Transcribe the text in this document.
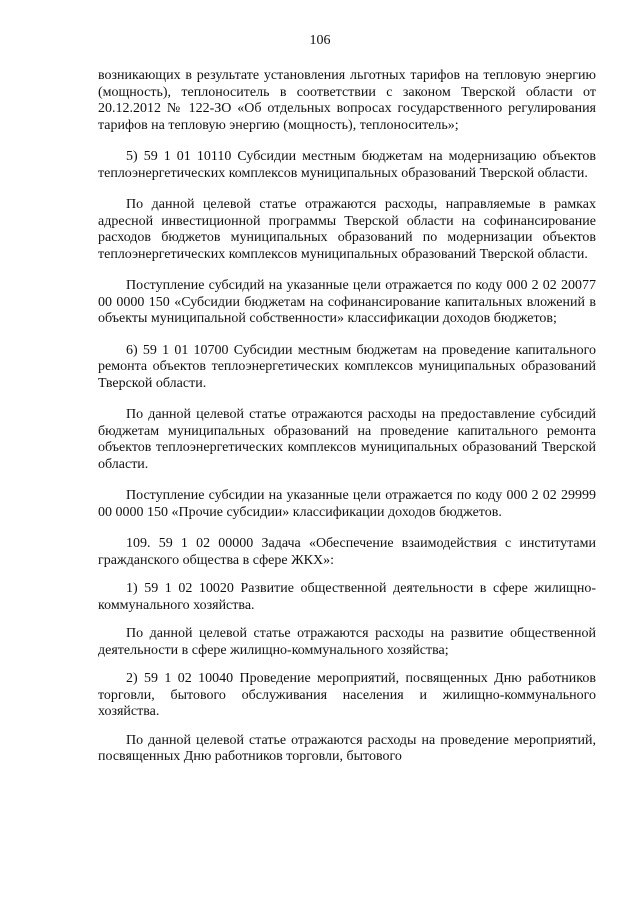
106

возникающих в результате установления льготных тарифов на тепловую энергию (мощность), теплоноситель в соответствии с законом Тверской области от 20.12.2012 № 122-ЗО «Об отдельных вопросах государственного регулирования тарифов на тепловую энергию (мощность), теплоноситель»;

5) 59 1 01 10110 Субсидии местным бюджетам на модернизацию объектов теплоэнергетических комплексов муниципальных образований Тверской области.

По данной целевой статье отражаются расходы, направляемые в рамках адресной инвестиционной программы Тверской области на софинансирование расходов бюджетов муниципальных образований по модернизации объектов теплоэнергетических комплексов муниципальных образований Тверской области.

Поступление субсидий на указанные цели отражается по коду 000 2 02 20077 00 0000 150 «Субсидии бюджетам на софинансирование капитальных вложений в объекты муниципальной собственности» классификации доходов бюджетов;

6) 59 1 01 10700 Субсидии местным бюджетам на проведение капитального ремонта объектов теплоэнергетических комплексов муниципальных образований Тверской области.

По данной целевой статье отражаются расходы на предоставление субсидий бюджетам муниципальных образований на проведение капитального ремонта объектов теплоэнергетических комплексов муниципальных образований Тверской области.

Поступление субсидии на указанные цели отражается по коду 000 2 02 29999 00 0000 150 «Прочие субсидии» классификации доходов бюджетов.

109. 59 1 02 00000 Задача «Обеспечение взаимодействия с институтами гражданского общества в сфере ЖКХ»:

1) 59 1 02 10020 Развитие общественной деятельности в сфере жилищно-коммунального хозяйства.

По данной целевой статье отражаются расходы на развитие общественной деятельности в сфере жилищно-коммунального хозяйства;

2) 59 1 02 10040 Проведение мероприятий, посвященных Дню работников торговли, бытового обслуживания населения и жилищно-коммунального хозяйства.

По данной целевой статье отражаются расходы на проведение мероприятий, посвященных Дню работников торговли, бытового
